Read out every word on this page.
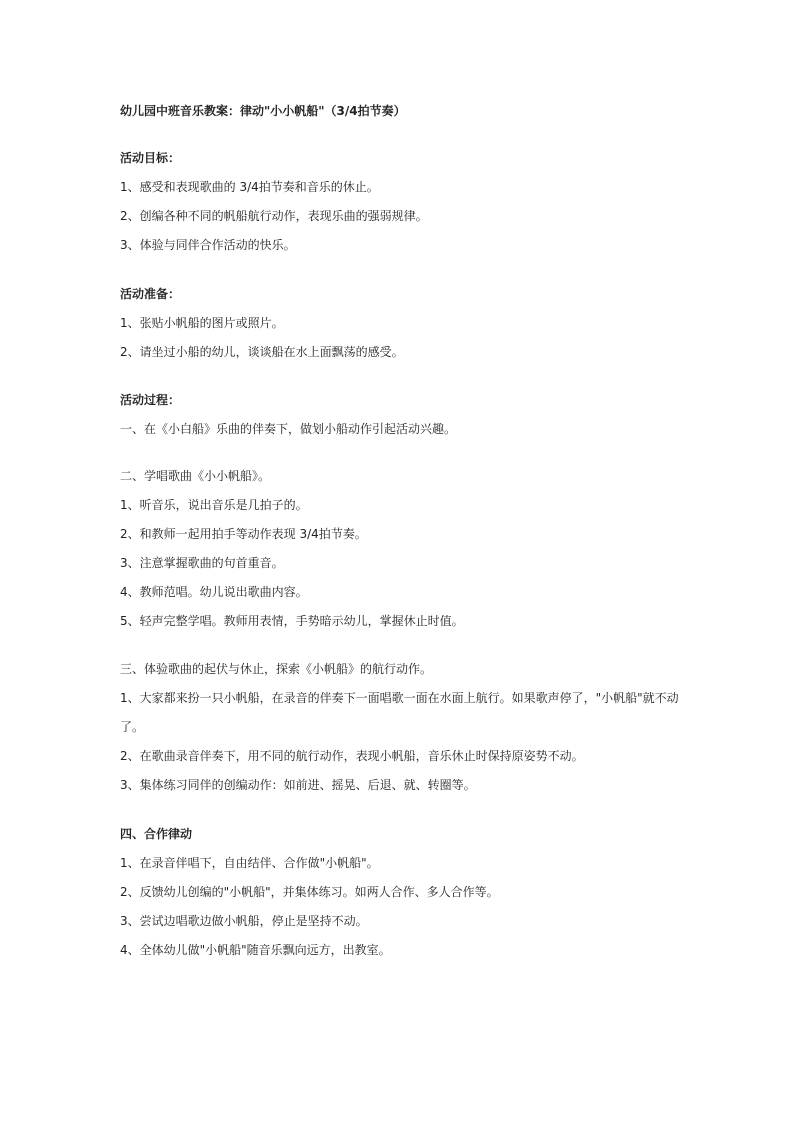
幼儿园中班音乐教案：律动"小小帆船"（3/4拍节奏）
活动目标：
1、感受和表现歌曲的 3/4拍节奏和音乐的休止。
2、创编各种不同的帆船航行动作，表现乐曲的强弱规律。
3、体验与同伴合作活动的快乐。
活动准备：
1、张贴小帆船的图片或照片。
2、请坐过小船的幼儿，谈谈船在水上面飘荡的感受。
活动过程：
一、在《小白船》乐曲的伴奏下，做划小船动作引起活动兴趣。
二、学唱歌曲《小小帆船》。
1、听音乐，说出音乐是几拍子的。
2、和教师一起用拍手等动作表现 3/4拍节奏。
3、注意掌握歌曲的句首重音。
4、教师范唱。幼儿说出歌曲内容。
5、轻声完整学唱。教师用表情，手势暗示幼儿，掌握休止时值。
三、体验歌曲的起伏与休止，探索《小帆船》的航行动作。
1、大家都来扮一只小帆船，在录音的伴奏下一面唱歌一面在水面上航行。如果歌声停了，"小帆船"就不动
了。
2、在歌曲录音伴奏下，用不同的航行动作，表现小帆船，音乐休止时保持原姿势不动。
3、集体练习同伴的创编动作：如前进、摇晃、后退、就、转圈等。
四、合作律动
1、在录音伴唱下，自由结伴、合作做"小帆船"。
2、反馈幼儿创编的"小帆船"，并集体练习。如两人合作、多人合作等。
3、尝试边唱歌边做小帆船，停止是坚持不动。
4、全体幼儿做"小帆船"随音乐飘向远方，出教室。
